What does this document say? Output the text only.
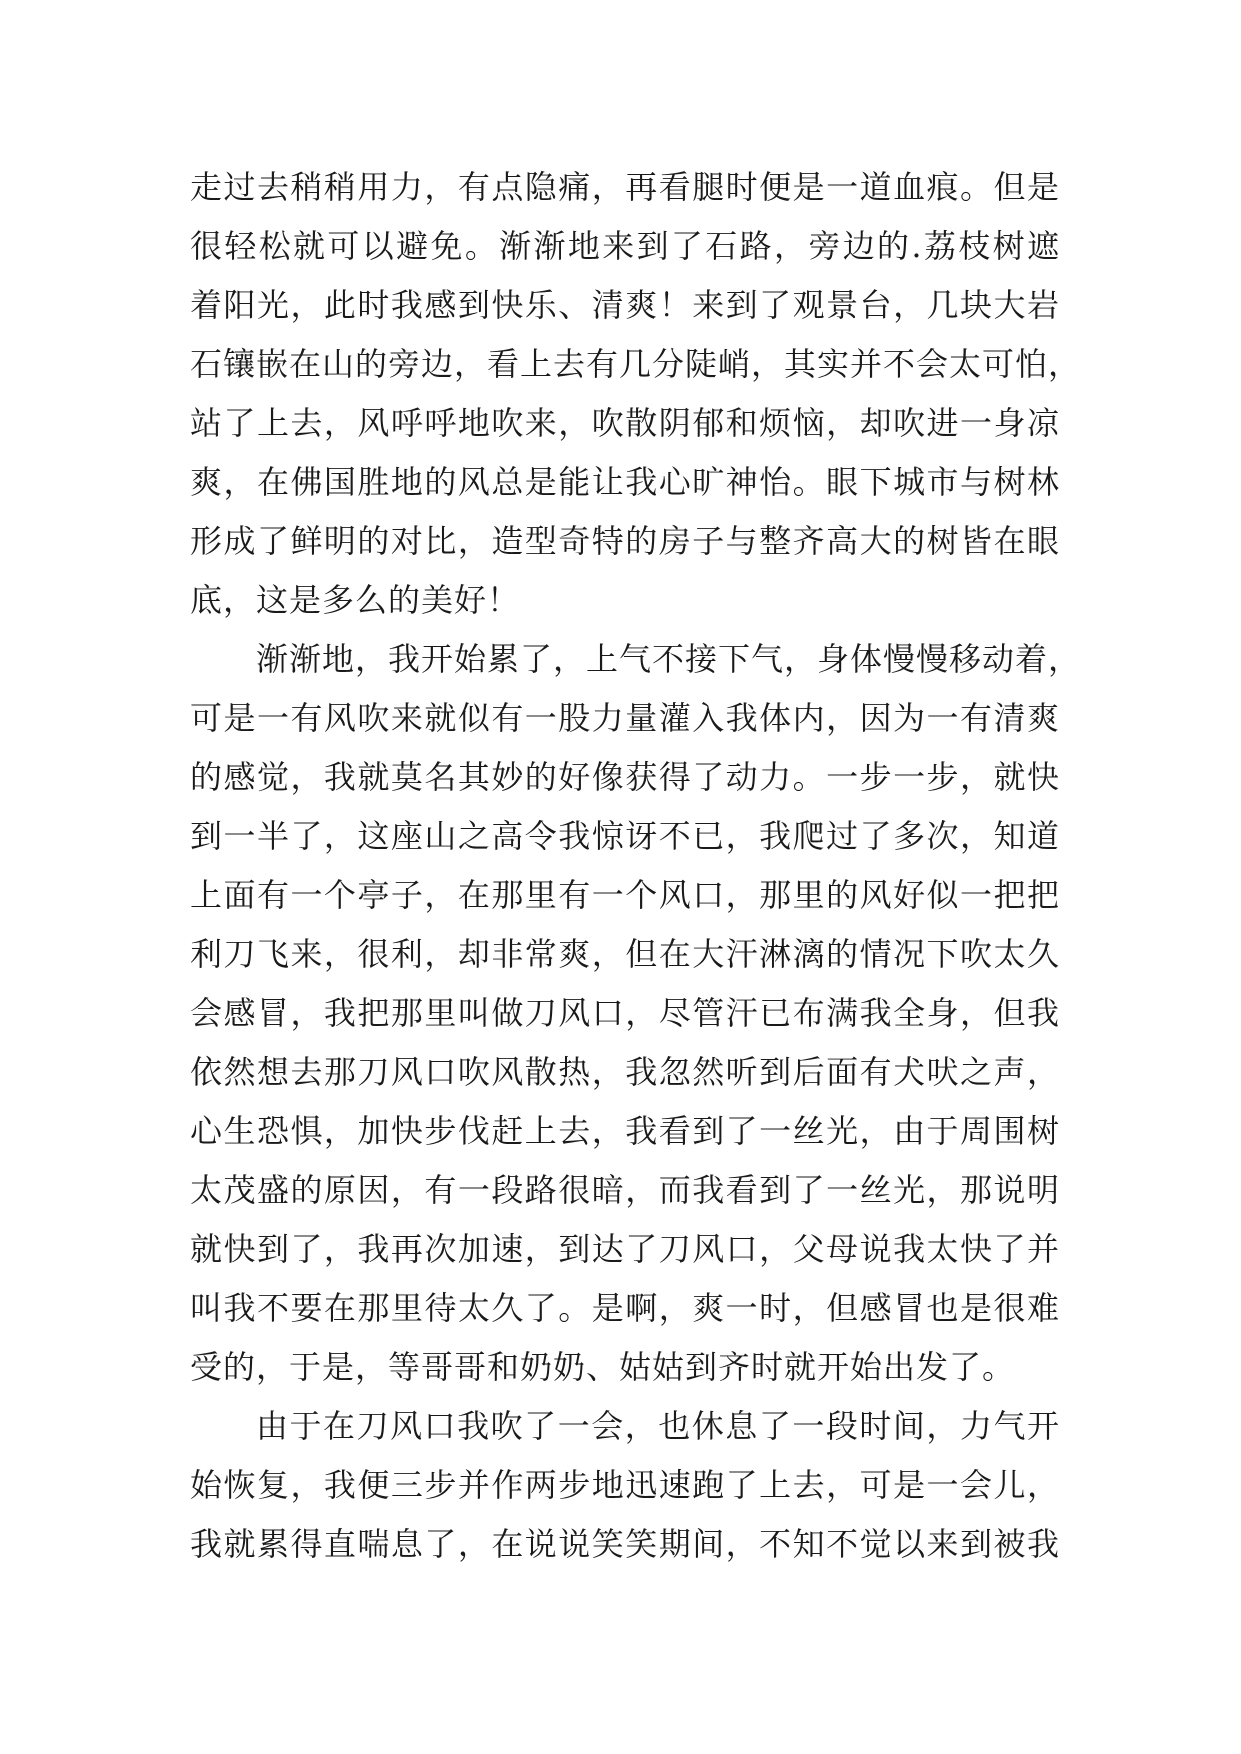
走过去稍稍用力，有点隐痛，再看腿时便是一道血痕。但是
很轻松就可以避免。渐渐地来到了石路，旁边的.荔枝树遮
着阳光，此时我感到快乐、清爽！来到了观景台，几块大岩
石镶嵌在山的旁边，看上去有几分陡峭，其实并不会太可怕，
站了上去，风呼呼地吹来，吹散阴郁和烦恼，却吹进一身凉
爽，在佛国胜地的风总是能让我心旷神怡。眼下城市与树林
形成了鲜明的对比，造型奇特的房子与整齐高大的树皆在眼
底，这是多么的美好！
渐渐地，我开始累了，上气不接下气，身体慢慢移动着，
可是一有风吹来就似有一股力量灌入我体内，因为一有清爽
的感觉，我就莫名其妙的好像获得了动力。一步一步，就快
到一半了，这座山之高令我惊讶不已，我爬过了多次，知道
上面有一个亭子，在那里有一个风口，那里的风好似一把把
利刀飞来，很利，却非常爽，但在大汗淋漓的情况下吹太久
会感冒，我把那里叫做刀风口，尽管汗已布满我全身，但我
依然想去那刀风口吹风散热，我忽然听到后面有犬吠之声，
心生恐惧，加快步伐赶上去，我看到了一丝光，由于周围树
太茂盛的原因，有一段路很暗，而我看到了一丝光，那说明
就快到了，我再次加速，到达了刀风口，父母说我太快了并
叫我不要在那里待太久了。是啊，爽一时，但感冒也是很难
受的，于是，等哥哥和奶奶、姑姑到齐时就开始出发了。
由于在刀风口我吹了一会，也休息了一段时间，力气开
始恢复，我便三步并作两步地迅速跑了上去，可是一会儿，
我就累得直喘息了，在说说笑笑期间，不知不觉以来到被我
